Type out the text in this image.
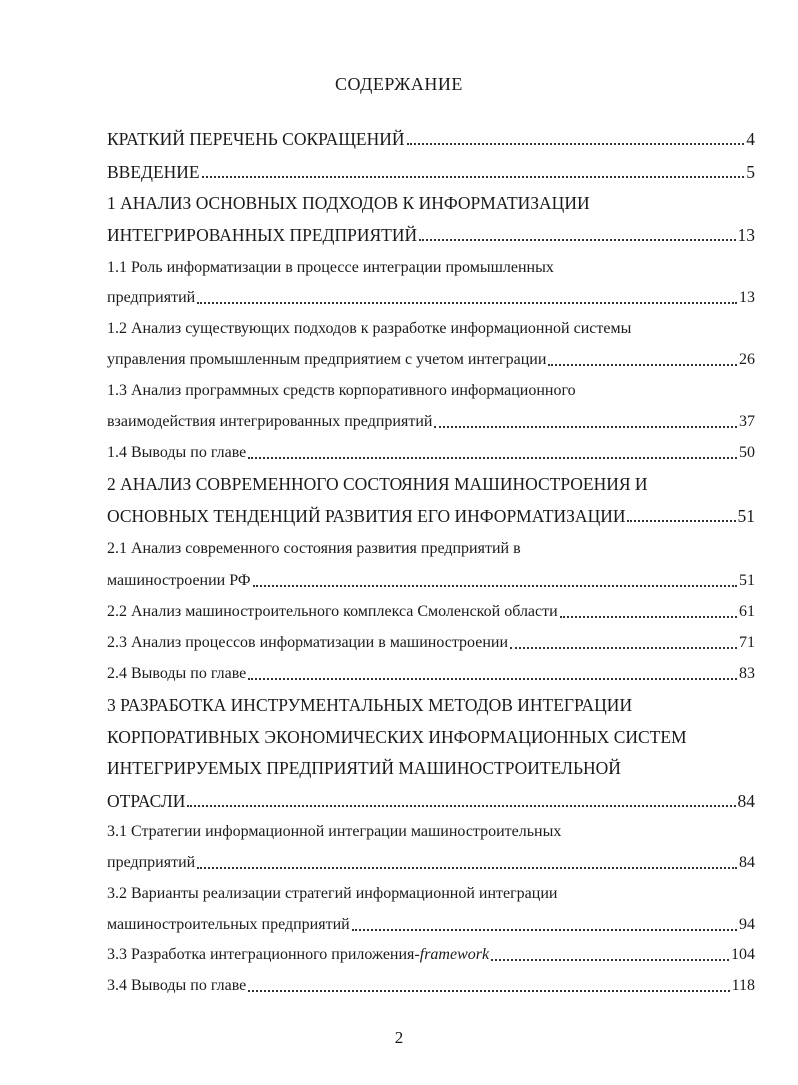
СОДЕРЖАНИЕ
КРАТКИЙ ПЕРЕЧЕНЬ СОКРАЩЕНИЙ	4
ВВЕДЕНИЕ	5
1 АНАЛИЗ ОСНОВНЫХ ПОДХОДОВ К ИНФОРМАТИЗАЦИИ
ИНТЕГРИРОВАННЫХ ПРЕДПРИЯТИЙ	13
1.1 Роль информатизации в процессе интеграции промышленных
предприятий	13
1.2 Анализ существующих подходов к разработке информационной системы
управления промышленным предприятием с учетом интеграции	26
1.3 Анализ программных средств корпоративного информационного
взаимодействия интегрированных предприятий	37
1.4 Выводы по главе	50
2 АНАЛИЗ СОВРЕМЕННОГО СОСТОЯНИЯ МАШИНОСТРОЕНИЯ И
ОСНОВНЫХ ТЕНДЕНЦИЙ РАЗВИТИЯ ЕГО ИНФОРМАТИЗАЦИИ	51
2.1 Анализ современного состояния развития предприятий в
машиностроении РФ	51
2.2 Анализ машиностроительного комплекса Смоленской области	61
2.3 Анализ процессов информатизации в машиностроении	71
2.4 Выводы по главе	83
3 РАЗРАБОТКА ИНСТРУМЕНТАЛЬНЫХ МЕТОДОВ ИНТЕГРАЦИИ
КОРПОРАТИВНЫХ ЭКОНОМИЧЕСКИХ ИНФОРМАЦИОННЫХ СИСТЕМ
ИНТЕГРИРУЕМЫХ ПРЕДПРИЯТИЙ МАШИНОСТРОИТЕЛЬНОЙ
ОТРАСЛИ	84
3.1 Стратегии информационной интеграции машиностроительных
предприятий	84
3.2 Варианты реализации стратегий информационной интеграции
машиностроительных предприятий	94
3.3 Разработка интеграционного приложения-framework	104
3.4 Выводы по главе	118
2
